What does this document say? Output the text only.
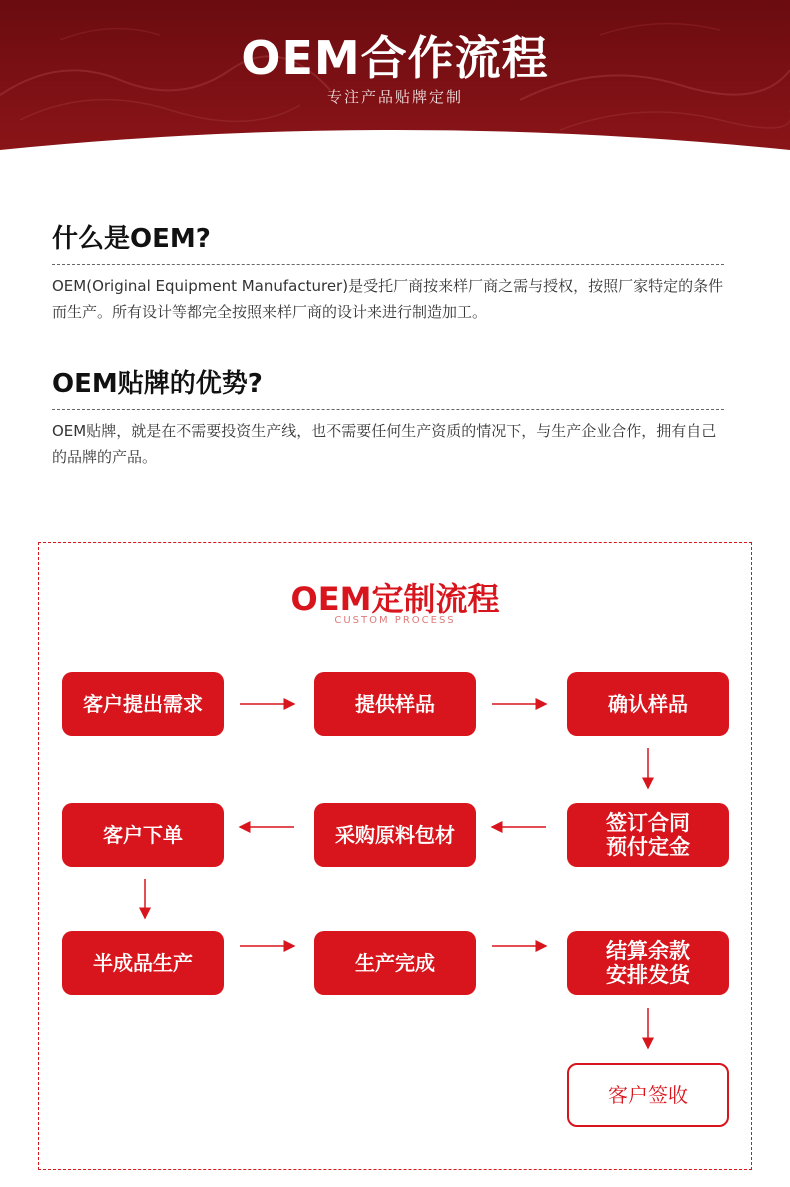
OEM合作流程
专注产品贴牌定制
什么是OEM?
OEM(Original Equipment Manufacturer)是受托厂商按来样厂商之需与授权，按照厂家特定的条件而生产。所有设计等都完全按照来样厂商的设计来进行制造加工。
OEM贴牌的优势?
OEM贴牌，就是在不需要投资生产线，也不需要任何生产资质的情况下，与生产企业合作，拥有自己的品牌的产品。
OEM定制流程
CUSTOM PROCESS
客户提出需求	提供样品	确认样品
签订合同
预付定金
采购原料包材
客户下单
半成品生产	生产完成	结算余款
安排发货
客户签收
